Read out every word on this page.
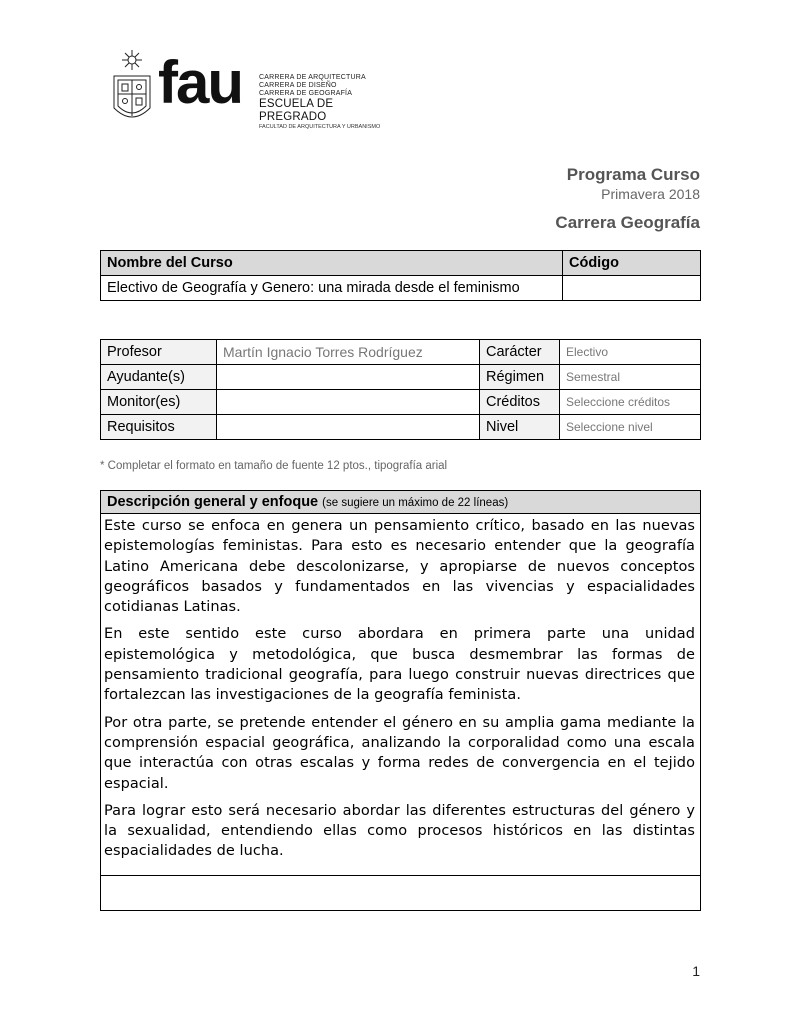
fau CARRERA DE ARQUITECTURA
CARRERA DE DISEÑO
CARRERA DE GEOGRAFÍA
ESCUELA DE PREGRADO
FACULTAD DE ARQUITECTURA Y URBANISMO
Programa Curso
Primavera 2018
Carrera Geografía
Nombre del Curso	Código
Electivo de Geografía y Genero: una mirada desde el feminismo	
Profesor	Martín Ignacio Torres Rodríguez	Carácter	Electivo
Ayudante(s)		Régimen	Semestral
Monitor(es)		Créditos	Seleccione créditos
Requisitos		Nivel	Seleccione nivel
* Completar el formato en tamaño de fuente 12 ptos., tipografía arial
Descripción general y enfoque (se sugiere un máximo de 22 líneas)

Este curso se enfoca en genera un pensamiento crítico, basado en las nuevas epistemologías feministas. Para esto es necesario entender que la geografía Latino Americana debe descolonizarse, y apropiarse de nuevos conceptos geográficos basados y fundamentados en las vivencias y espacialidades cotidianas Latinas.

En este sentido este curso abordara en primera parte una unidad epistemológica y metodológica, que busca desmembrar las formas de pensamiento tradicional geografía, para luego construir nuevas directrices que fortalezcan las investigaciones de la geografía feminista.

Por otra parte, se pretende entender el género en su amplia gama mediante la comprensión espacial geográfica, analizando la corporalidad como una escala que interactúa con otras escalas y forma redes de convergencia en el tejido espacial.

Para lograr esto será necesario abordar las diferentes estructuras del género y la sexualidad, entendiendo ellas como procesos históricos en las distintas espacialidades de lucha.

1
